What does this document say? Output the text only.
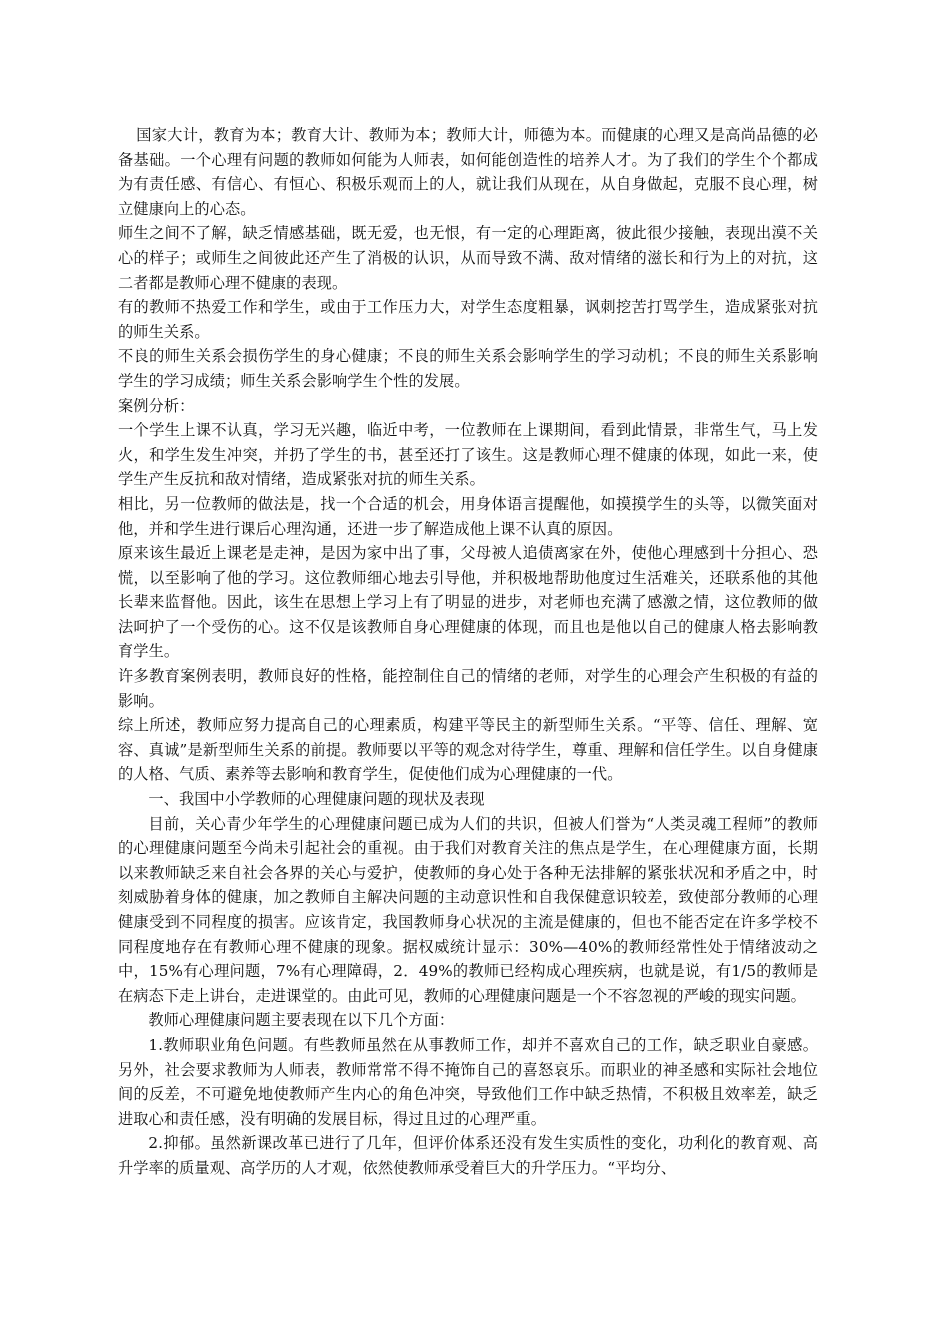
国家大计，教育为本；教育大计、教师为本；教师大计，师德为本。而健康的心理又是高尚品德的必备基础。一个心理有问题的教师如何能为人师表，如何能创造性的培养人才。为了我们的学生个个都成为有责任感、有信心、有恒心、积极乐观而上的人，就让我们从现在，从自身做起，克服不良心理，树立健康向上的心态。

师生之间不了解，缺乏情感基础，既无爱，也无恨，有一定的心理距离，彼此很少接触，表现出漠不关心的样子；或师生之间彼此还产生了消极的认识，从而导致不满、敌对情绪的滋长和行为上的对抗，这二者都是教师心理不健康的表现。

有的教师不热爱工作和学生，或由于工作压力大，对学生态度粗暴，讽刺挖苦打骂学生，造成紧张对抗的师生关系。

不良的师生关系会损伤学生的身心健康；不良的师生关系会影响学生的学习动机；不良的师生关系影响学生的学习成绩；师生关系会影响学生个性的发展。

案例分析：

一个学生上课不认真，学习无兴趣，临近中考，一位教师在上课期间，看到此情景，非常生气，马上发火，和学生发生冲突，并扔了学生的书，甚至还打了该生。这是教师心理不健康的体现，如此一来，使学生产生反抗和敌对情绪，造成紧张对抗的师生关系。

相比，另一位教师的做法是，找一个合适的机会，用身体语言提醒他，如摸摸学生的头等，以微笑面对他，并和学生进行课后心理沟通，还进一步了解造成他上课不认真的原因。

原来该生最近上课老是走神，是因为家中出了事，父母被人追债离家在外，使他心理感到十分担心、恐慌，以至影响了他的学习。这位教师细心地去引导他，并积极地帮助他度过生活难关，还联系他的其他长辈来监督他。因此，该生在思想上学习上有了明显的进步，对老师也充满了感激之情，这位教师的做法呵护了一个受伤的心。这不仅是该教师自身心理健康的体现，而且也是他以自己的健康人格去影响教育学生。

许多教育案例表明，教师良好的性格，能控制住自己的情绪的老师，对学生的心理会产生积极的有益的影响。

综上所述，教师应努力提高自己的心理素质，构建平等民主的新型师生关系。“平等、信任、理解、宽容、真诚”是新型师生关系的前提。教师要以平等的观念对待学生，尊重、理解和信任学生。以自身健康的人格、气质、素养等去影响和教育学生，促使他们成为心理健康的一代。

一、我国中小学教师的心理健康问题的现状及表现

目前，关心青少年学生的心理健康问题已成为人们的共识，但被人们誉为“人类灵魂工程师”的教师的心理健康问题至今尚未引起社会的重视。由于我们对教育关注的焦点是学生，在心理健康方面，长期以来教师缺乏来自社会各界的关心与爱护，使教师的身心处于各种无法排解的紧张状况和矛盾之中，时刻威胁着身体的健康，加之教师自主解决问题的主动意识性和自我保健意识较差，致使部分教师的心理健康受到不同程度的损害。应该肯定，我国教师身心状况的主流是健康的，但也不能否定在许多学校不同程度地存在有教师心理不健康的现象。据权威统计显示：30%—40%的教师经常性处于情绪波动之中，15%有心理问题，7%有心理障碍，2．49%的教师已经构成心理疾病，也就是说，有1/5的教师是在病态下走上讲台，走进课堂的。由此可见，教师的心理健康问题是一个不容忽视的严峻的现实问题。

教师心理健康问题主要表现在以下几个方面：

1.教师职业角色问题。有些教师虽然在从事教师工作，却并不喜欢自己的工作，缺乏职业自豪感。另外，社会要求教师为人师表，教师常常不得不掩饰自己的喜怒哀乐。而职业的神圣感和实际社会地位间的反差，不可避免地使教师产生内心的角色冲突，导致他们工作中缺乏热情，不积极且效率差，缺乏进取心和责任感，没有明确的发展目标，得过且过的心理严重。

2.抑郁。虽然新课改革已进行了几年，但评价体系还没有发生实质性的变化，功利化的教育观、高升学率的质量观、高学历的人才观，依然使教师承受着巨大的升学压力。“平均分、
